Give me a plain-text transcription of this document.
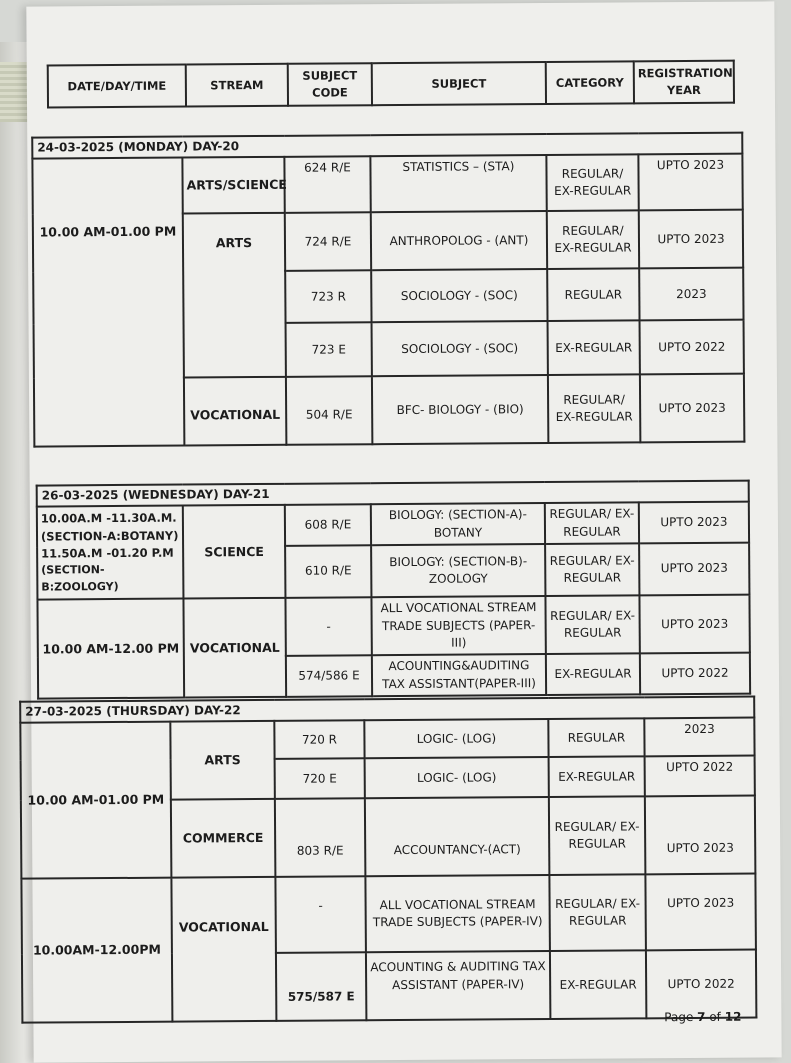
DATE/DAY/TIME	STREAM	SUBJECT CODE	SUBJECT	CATEGORY	REGISTRATION YEAR
24-03-2025 (MONDAY) DAY-20					
10.00 AM-01.00 PM	ARTS/SCIENCE	624 R/E	STATISTICS – (STA)	REGULAR/ EX-REGULAR	UPTO 2023
	ARTS	724 R/E	ANTHROPOLOG - (ANT)	REGULAR/ EX-REGULAR	UPTO 2023
		723 R	SOCIOLOGY - (SOC)	REGULAR	2023
		723 E	SOCIOLOGY - (SOC)	EX-REGULAR	UPTO 2022
	VOCATIONAL	504 R/E	BFC- BIOLOGY - (BIO)	REGULAR/ EX-REGULAR	UPTO 2023
26-03-2025 (WEDNESDAY) DAY-21					

10.00A.M -11.30A.M.
(SECTION-A:BOTANY)
11.50A.M -01.20 P.M
(SECTION-B:ZOOLOGY)	SCIENCE	608 R/E	BIOLOGY: (SECTION-A)- BOTANY	REGULAR/ EX-REGULAR	UPTO 2023
		610 R/E	BIOLOGY: (SECTION-B)- ZOOLOGY	REGULAR/ EX-REGULAR	UPTO 2023
10.00 AM-12.00 PM	VOCATIONAL	-	ALL VOCATIONAL STREAM TRADE SUBJECTS (PAPER-III)	REGULAR/ EX-REGULAR	UPTO 2023
		574/586 E	ACOUNTING&AUDITING TAX ASSISTANT(PAPER-III)	EX-REGULAR	UPTO 2022
27-03-2025 (THURSDAY) DAY-22					
10.00 AM-01.00 PM	ARTS	720 R	LOGIC- (LOG)	REGULAR	2023
		720 E	LOGIC- (LOG)	EX-REGULAR	UPTO 2022
	COMMERCE	803 R/E	ACCOUNTANCY-(ACT)	REGULAR/ EX-REGULAR	UPTO 2023
10.00AM-12.00PM	VOCATIONAL	-	ALL VOCATIONAL STREAM TRADE SUBJECTS (PAPER-IV)	REGULAR/ EX-REGULAR	UPTO 2023
		575/587 E	ACOUNTING & AUDITING TAX ASSISTANT (PAPER-IV)	EX-REGULAR	UPTO 2022
Page 7 of 12
